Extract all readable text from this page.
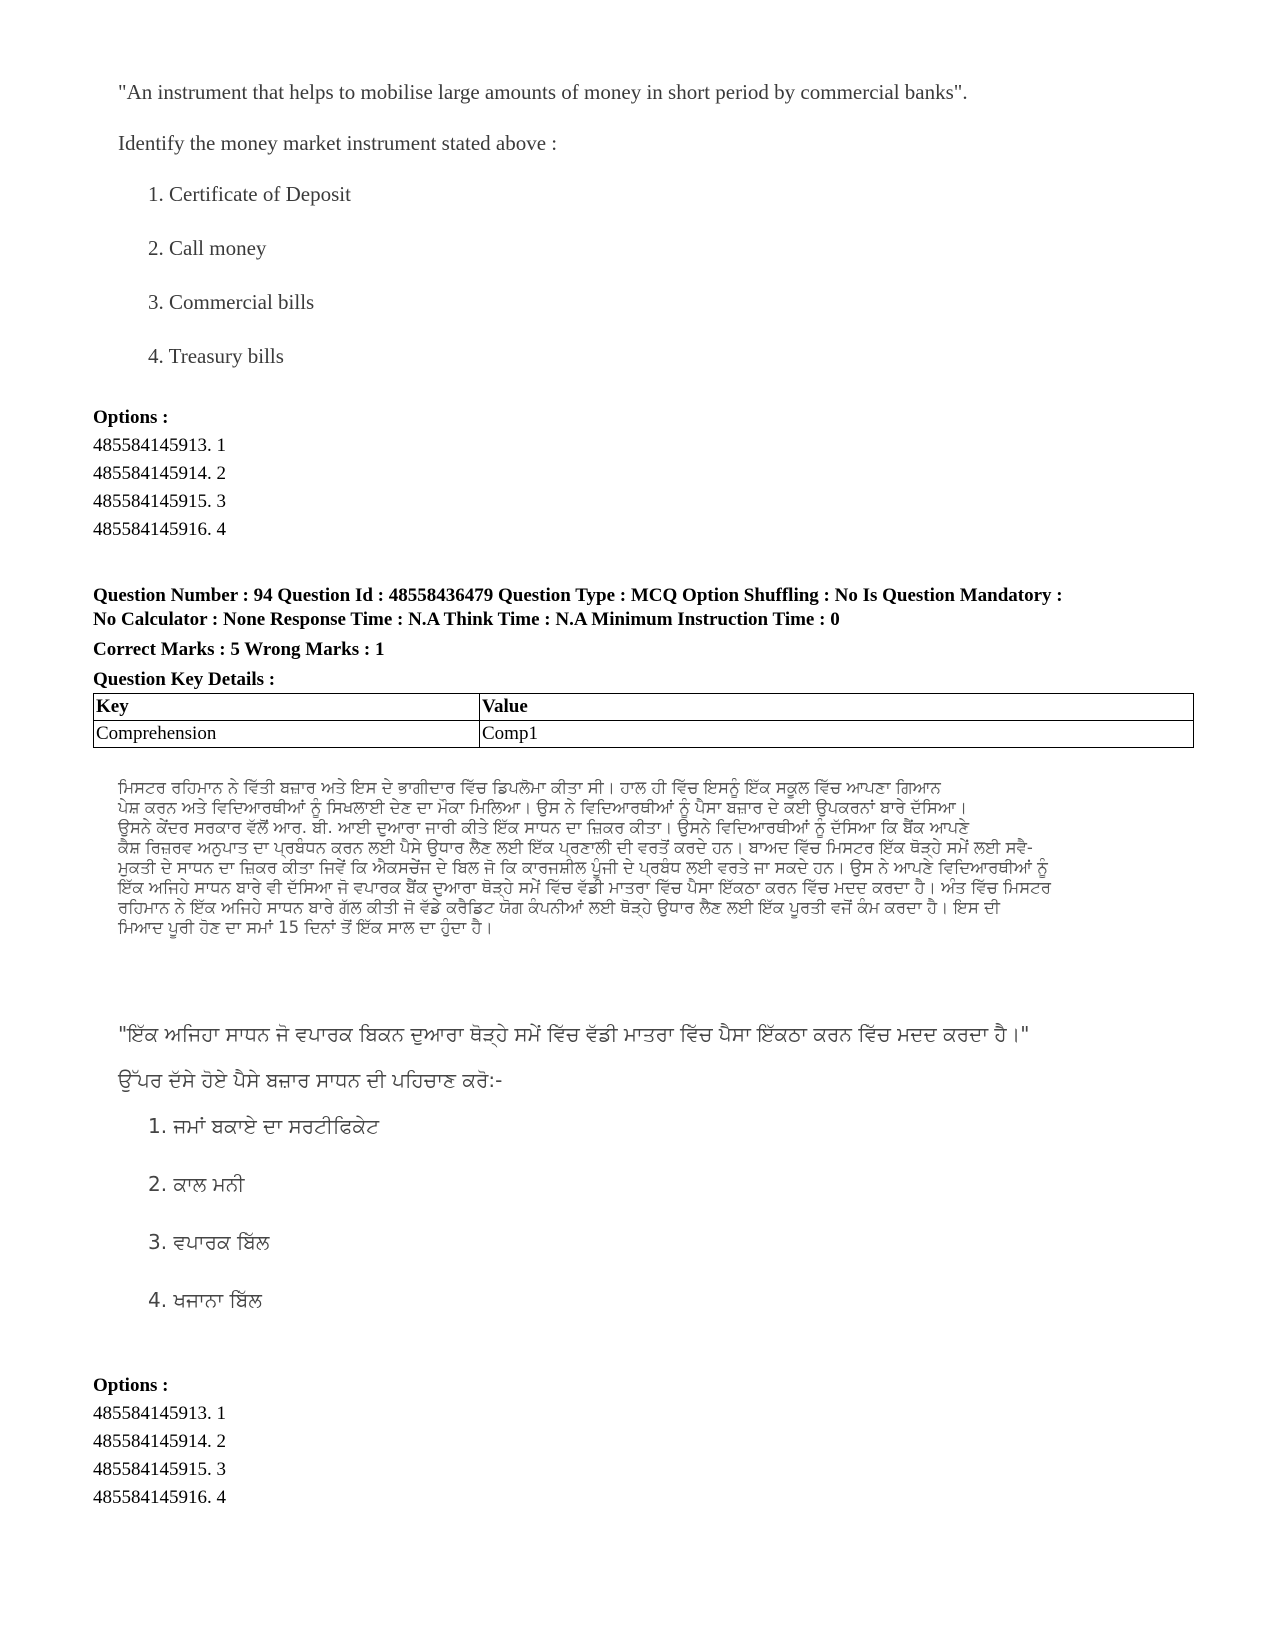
"An instrument that helps to mobilise large amounts of money in short period by commercial banks".

Identify the money market instrument stated above :

1. Certificate of Deposit
2. Call money
3. Commercial bills
4. Treasury bills
Options :
485584145913. 1
485584145914. 2
485584145915. 3
485584145916. 4
Question Number : 94 Question Id : 48558436479 Question Type : MCQ Option Shuffling : No Is Question Mandatory :
No Calculator : None Response Time : N.A Think Time : N.A Minimum Instruction Time : 0
Correct Marks : 5 Wrong Marks : 1
Question Key Details :
Key	Value
Comprehension	Comp1
ਮਿਸਟਰ ਰਹਿਮਾਨ ਨੇ ਵਿੱਤੀ ਬਜ਼ਾਰ ਅਤੇ ਇਸ ਦੇ ਭਾਗੀਦਾਰ ਵਿੱਚ ਡਿਪਲੋਮਾ ਕੀਤਾ ਸੀ। ਹਾਲ ਹੀ ਵਿੱਚ ਇਸਨੂੰ ਇੱਕ ਸਕੂਲ ਵਿੱਚ ਆਪਣਾ ਗਿਆਨ
ਪੇਸ਼ ਕਰਨ ਅਤੇ ਵਿਦਿਆਰਥੀਆਂ ਨੂੰ ਸਿਖਲਾਈ ਦੇਣ ਦਾ ਮੌਕਾ ਮਿਲਿਆ। ਉਸ ਨੇ ਵਿਦਿਆਰਥੀਆਂ ਨੂੰ ਪੈਸਾ ਬਜ਼ਾਰ ਦੇ ਕਈ ਉਪਕਰਨਾਂ ਬਾਰੇ ਦੱਸਿਆ।
ਉਸਨੇ ਕੇਂਦਰ ਸਰਕਾਰ ਵੱਲੋਂ ਆਰ. ਬੀ. ਆਈ ਦੁਆਰਾ ਜਾਰੀ ਕੀਤੇ ਇੱਕ ਸਾਧਨ ਦਾ ਜ਼ਿਕਰ ਕੀਤਾ। ਉਸਨੇ ਵਿਦਿਆਰਥੀਆਂ ਨੂੰ ਦੱਸਿਆ ਕਿ ਬੈਂਕ ਆਪਣੇ
ਕੈਸ਼ ਰਿਜ਼ਰਵ ਅਨੁਪਾਤ ਦਾ ਪ੍ਰਬੰਧਨ ਕਰਨ ਲਈ ਪੈਸੇ ਉਧਾਰ ਲੈਣ ਲਈ ਇੱਕ ਪ੍ਰਣਾਲੀ ਦੀ ਵਰਤੋਂ ਕਰਦੇ ਹਨ। ਬਾਅਦ ਵਿੱਚ ਮਿਸਟਰ ਇੱਕ ਥੋੜ੍ਹੇ ਸਮੇਂ ਲਈ ਸਵੈ-
ਮੁਕਤੀ ਦੇ ਸਾਧਨ ਦਾ ਜ਼ਿਕਰ ਕੀਤਾ ਜਿਵੇਂ ਕਿ ਐਕਸਚੇਂਜ ਦੇ ਬਿਲ ਜੋ ਕਿ ਕਾਰਜਸ਼ੀਲ ਪੂੰਜੀ ਦੇ ਪ੍ਰਬੰਧ ਲਈ ਵਰਤੇ ਜਾ ਸਕਦੇ ਹਨ। ਉਸ ਨੇ ਆਪਣੇ ਵਿਦਿਆਰਥੀਆਂ ਨੂੰ
ਇੱਕ ਅਜਿਹੇ ਸਾਧਨ ਬਾਰੇ ਵੀ ਦੱਸਿਆ ਜੋ ਵਪਾਰਕ ਬੈਂਕ ਦੁਆਰਾ ਥੋੜ੍ਹੇ ਸਮੇਂ ਵਿੱਚ ਵੱਡੀ ਮਾਤਰਾ ਵਿੱਚ ਪੈਸਾ ਇੱਕਠਾ ਕਰਨ ਵਿੱਚ ਮਦਦ ਕਰਦਾ ਹੈ। ਅੰਤ ਵਿੱਚ ਮਿਸਟਰ
ਰਹਿਮਾਨ ਨੇ ਇੱਕ ਅਜਿਹੇ ਸਾਧਨ ਬਾਰੇ ਗੱਲ ਕੀਤੀ ਜੋ ਵੱਡੇ ਕਰੈਡਿਟ ਯੋਗ ਕੰਪਨੀਆਂ ਲਈ ਥੋੜ੍ਹੇ ਉਧਾਰ ਲੈਣ ਲਈ ਇੱਕ ਪੂਰਤੀ ਵਜੋਂ ਕੰਮ ਕਰਦਾ ਹੈ। ਇਸ ਦੀ
ਮਿਆਦ ਪੂਰੀ ਹੋਣ ਦਾ ਸਮਾਂ 15 ਦਿਨਾਂ ਤੋਂ ਇੱਕ ਸਾਲ ਦਾ ਹੁੰਦਾ ਹੈ।

"ਇੱਕ ਅਜਿਹਾ ਸਾਧਨ ਜੋ ਵਪਾਰਕ ਬਿਕਨ ਦੁਆਰਾ ਥੋੜ੍ਹੇ ਸਮੇਂ ਵਿੱਚ ਵੱਡੀ ਮਾਤਰਾ ਵਿੱਚ ਪੈਸਾ ਇੱਕਠਾ ਕਰਨ ਵਿੱਚ ਮਦਦ ਕਰਦਾ ਹੈ।"

ਉੱਪਰ ਦੱਸੇ ਹੋਏ ਪੈਸੇ ਬਜ਼ਾਰ ਸਾਧਨ ਦੀ ਪਹਿਚਾਣ ਕਰੋ:-

1. ਜਮਾਂ ਬਕਾਏ ਦਾ ਸਰਟੀਫਿਕੇਟ
2. ਕਾਲ ਮਨੀ
3. ਵਪਾਰਕ ਬਿੱਲ
4. ਖਜਾਨਾ ਬਿੱਲ
Options :
485584145913. 1
485584145914. 2
485584145915. 3
485584145916. 4
